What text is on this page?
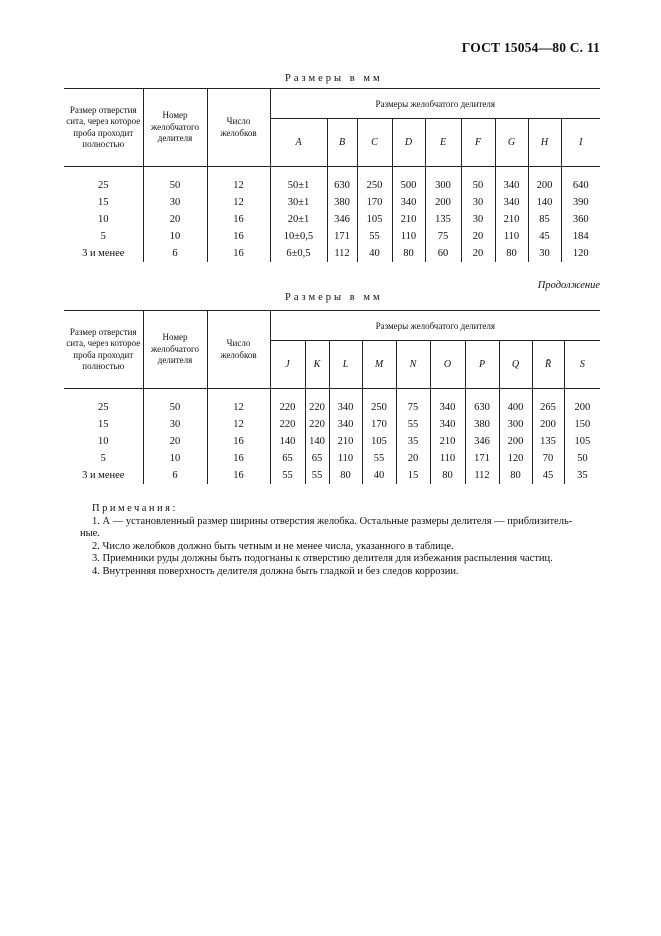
ГОСТ 15054—80 С. 11
Размеры в мм
Размер отверстия сита, через которое проба проходит полностью	Номер желобчатого делителя	Число желобков	Размеры желобчатого делителя								
			A	B	C	D	E	F	G	H	I
25	50	12	50±1	630	250	500	300	50	340	200	640
15	30	12	30±1	380	170	340	200	30	340	140	390
10	20	16	20±1	346	105	210	135	30	210	85	360
5	10	16	10±0,5	171	55	110	75	20	110	45	184
3 и менее	6	16	6±0,5	112	40	80	60	20	80	30	120
Продолжение
Размеры в мм
Размер отверстия сита, через которое проба проходит полностью	Номер желобчатого делителя	Число желобков	Размеры желобчатого делителя									
			J	K	L	M	N	O	P	Q	R̄	S
25	50	12	220	220	340	250	75	340	630	400	265	200
15	30	12	220	220	340	170	55	340	380	300	200	150
10	20	16	140	140	210	105	35	210	346	200	135	105
5	10	16	65	65	110	55	20	110	171	120	70	50
3 и менее	6	16	55	55	80	40	15	80	112	80	45	35
Примечания:
1. А — установленный размер ширины отверстия желобка. Остальные размеры делителя — приблизитель-
ные.
2. Число желобков должно быть четным и не менее числа, указанного в таблице.
3. Приемники руды должны быть подогнаны к отверстию делителя для избежания распыления частиц.
4. Внутренняя поверхность делителя должна быть гладкой и без следов коррозии.
